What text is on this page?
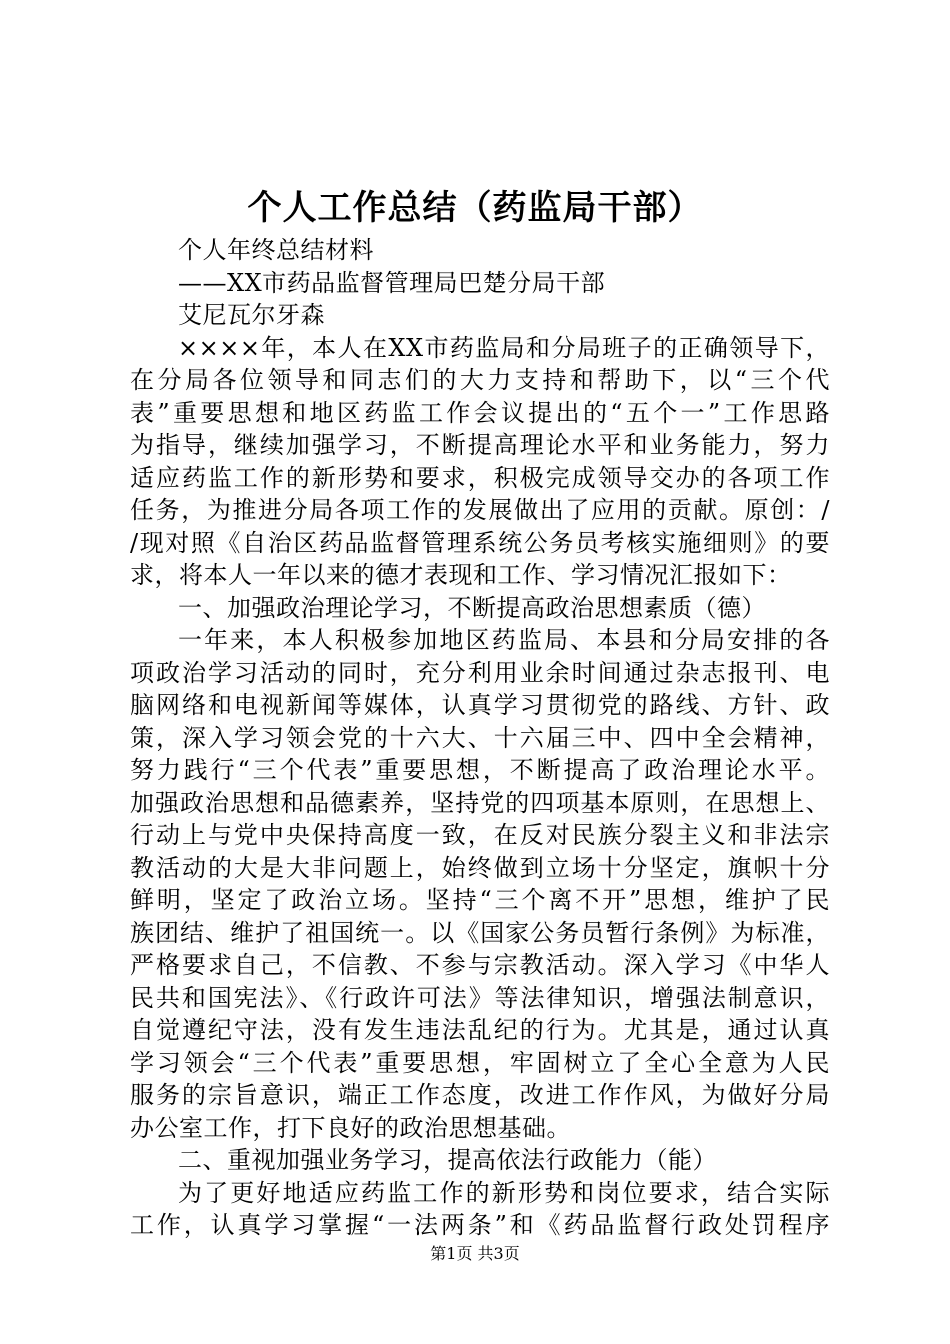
个人工作总结（药监局干部）
个人年终总结材料
——XX市药品监督管理局巴楚分局干部
艾尼瓦尔牙森
××××年，本人在XX市药监局和分局班子的正确领导下，
在分局各位领导和同志们的大力支持和帮助下，以“三个代
表”重要思想和地区药监工作会议提出的“五个一”工作思路
为指导，继续加强学习，不断提高理论水平和业务能力，努力
适应药监工作的新形势和要求，积极完成领导交办的各项工作
任务，为推进分局各项工作的发展做出了应用的贡献。原创：/
/现对照《自治区药品监督管理系统公务员考核实施细则》的要
求，将本人一年以来的德才表现和工作、学习情况汇报如下：
一、加强政治理论学习，不断提高政治思想素质（德）
一年来，本人积极参加地区药监局、本县和分局安排的各
项政治学习活动的同时，充分利用业余时间通过杂志报刊、电
脑网络和电视新闻等媒体，认真学习贯彻党的路线、方针、政
策，深入学习领会党的十六大、十六届三中、四中全会精神，
努力践行“三个代表”重要思想，不断提高了政治理论水平。
加强政治思想和品德素养，坚持党的四项基本原则，在思想上、
行动上与党中央保持高度一致，在反对民族分裂主义和非法宗
教活动的大是大非问题上，始终做到立场十分坚定，旗帜十分
鲜明，坚定了政治立场。坚持“三个离不开”思想，维护了民
族团结、维护了祖国统一。以《国家公务员暂行条例》为标准，
严格要求自己，不信教、不参与宗教活动。深入学习《中华人
民共和国宪法》、《行政许可法》等法律知识，增强法制意识，
自觉遵纪守法，没有发生违法乱纪的行为。尤其是，通过认真
学习领会“三个代表”重要思想，牢固树立了全心全意为人民
服务的宗旨意识，端正工作态度，改进工作作风，为做好分局
办公室工作，打下良好的政治思想基础。
二、重视加强业务学习，提高依法行政能力（能）
为了更好地适应药监工作的新形势和岗位要求，结合实际
工作，认真学习掌握“一法两条”和《药品监督行政处罚程序
第1页 共3页
